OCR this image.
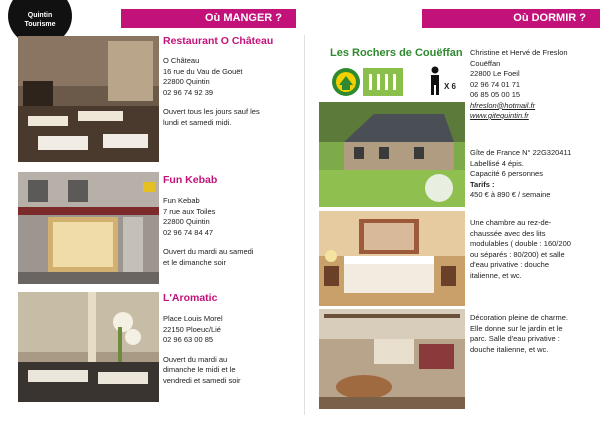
Quintin
Tourisme
Où MANGER ?	Où DORMIR ?
Restaurant O Château
O Château
16 rue du Vau de Gouët
22800 Quintin
02 96 74 92 39
Ouvert tous les jours sauf les
lundi et samedi midi.
Fun Kebab
Fun Kebab
7 rue aux Toiles
22800 Quintin
02 96 74 84 47
Ouvert du mardi au samedi
et le dimanche soir
L'Aromatic
Place Louis Morel
22150 Ploeuc/Lié
02 96 63 00 85
Ouvert du mardi au
dimanche le midi et le
vendredi et samedi soir
Les Rochers de Couëffan
X 6
Christine et Hervé de Freslon
Couëffan
22800 Le Foeil
02 96 74 01 71
06 85 05 00 15
hfreslon@hotmail.fr
www.gitequintin.fr
Gîte de France N° 22G320411
Labellisé 4 épis.
Capacité 6 personnes
Tarifs :
450 € à 890 € / semaine
Une chambre au rez-de-
chaussée avec des lits
modulables ( double : 160/200
ou séparés : 80/200) et salle
d'eau privative : douche
italienne, et wc.
Décoration pleine de charme.
Elle donne sur le jardin et le
parc. Salle d'eau privative :
douche italienne, et wc.
